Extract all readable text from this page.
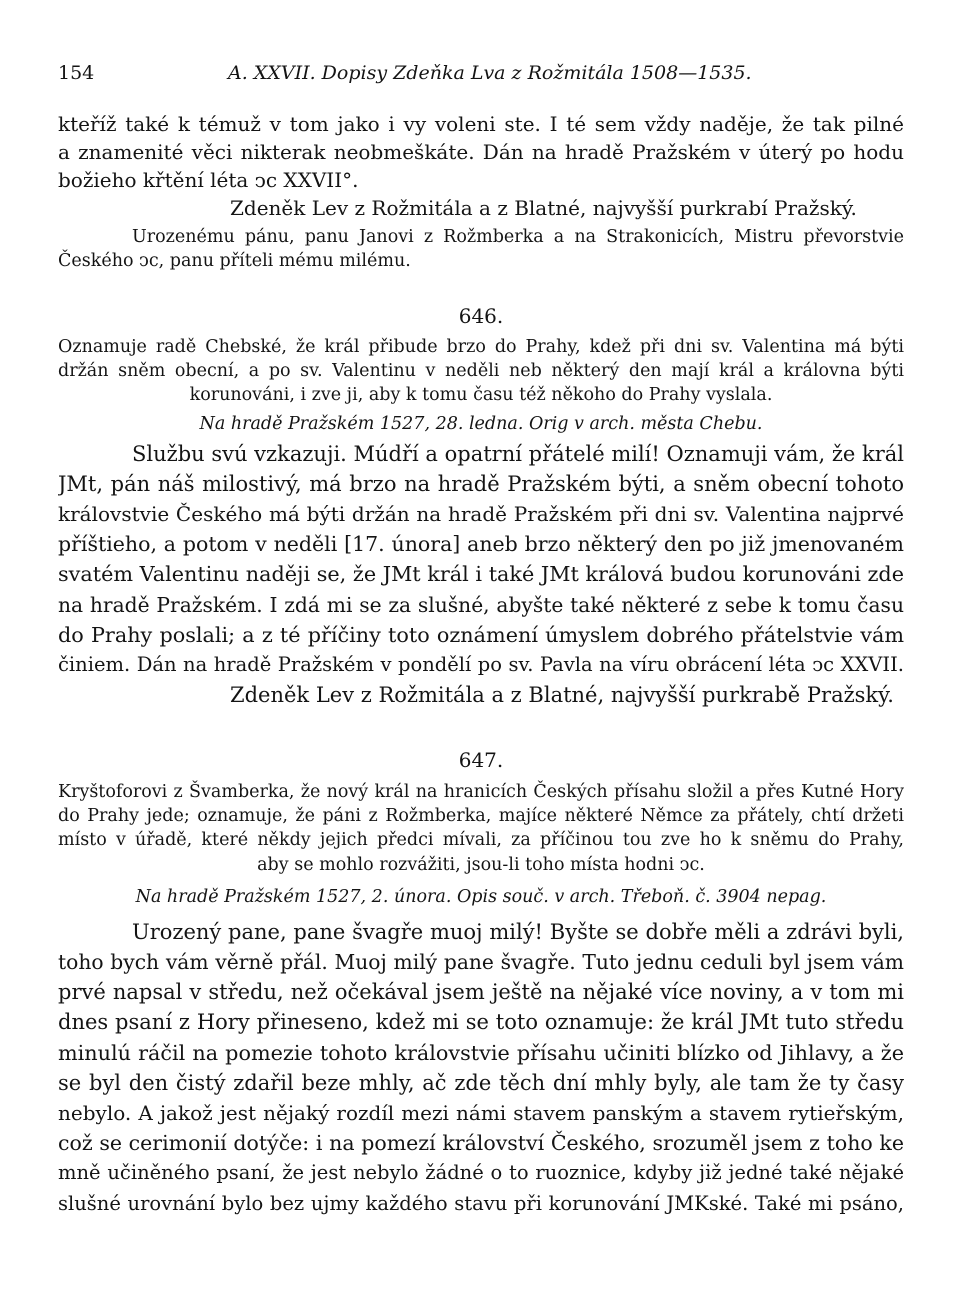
154	A. XXVII. Dopisy Zdeňka Lva z Rožmitála 1508—1535.
kteříž také k témuž v tom jako i vy voleni ste. I té sem vždy naděje, že tak pilné
a znamenité věci nikterak neobmeškáte. Dán na hradě Pražském v úterý po hodu
božieho křtění léta ↄc XXVII°.
Zdeněk Lev z Rožmitála a z Blatné, najvyšší purkrabí Pražský.
Urozenému pánu, panu Janovi z Rožmberka a na Strakonicích, Mistru převorstvie
Českého ↄc, panu příteli mému milému.
646.
Oznamuje radě Chebské, že král přibude brzo do Prahy, kdež při dni sv. Valentina má býti
držán sněm obecní, a po sv. Valentinu v neděli neb některý den mají král a královna býti
korunováni, i zve ji, aby k tomu času též někoho do Prahy vyslala.
Na hradě Pražském 1527, 28. ledna. Orig v arch. města Chebu.
Službu svú vzkazuji. Múdří a opatrní přátelé milí! Oznamuji vám, že král
JMt, pán náš milostivý, má brzo na hradě Pražském býti, a sněm obecní tohoto
královstvie Českého má býti držán na hradě Pražském při dni sv. Valentina najprvé
příštieho, a potom v neděli [17. února] aneb brzo některý den po již jmenovaném
svatém Valentinu naději se, že JMt král i také JMt králová budou korunováni zde
na hradě Pražském. I zdá mi se za slušné, abyšte také některé z sebe k tomu času
do Prahy poslali; a z té příčiny toto oznámení úmyslem dobrého přátelstvie vám
činiem. Dán na hradě Pražském v pondělí po sv. Pavla na víru obrácení léta ↄc XXVII.
Zdeněk Lev z Rožmitála a z Blatné, najvyšší purkrabě Pražský.
647.
Kryštoforovi z Švamberka, že nový král na hranicích Českých přísahu složil a přes Kutné Hory
do Prahy jede; oznamuje, že páni z Rožmberka, majíce některé Němce za přátely, chtí držeti
místo v úřadě, které někdy jejich předci mívali, za příčinou tou zve ho k sněmu do Prahy,
aby se mohlo rozvážiti, jsou-li toho místa hodni ↄc.
Na hradě Pražském 1527, 2. února. Opis souč. v arch. Třeboň. č. 3904 nepag.
Urozený pane, pane švagře muoj milý! Byšte se dobře měli a zdrávi byli,
toho bych vám věrně přál. Muoj milý pane švagře. Tuto jednu ceduli byl jsem vám
prvé napsal v středu, než očekával jsem ještě na nějaké více noviny, a v tom mi
dnes psaní z Hory přineseno, kdež mi se toto oznamuje: že král JMt tuto středu
minulú ráčil na pomezie tohoto královstvie přísahu učiniti blízko od Jihlavy, a že
se byl den čistý zdařil beze mhly, ač zde těch dní mhly byly, ale tam že ty časy
nebylo. A jakož jest nějaký rozdíl mezi námi stavem panským a stavem rytieřským,
což se cerimonií dotýče: i na pomezí království Českého, srozuměl jsem z toho ke
mně učiněného psaní, že jest nebylo žádné o to ruoznice, kdyby již jedné také nějaké
slušné urovnání bylo bez ujmy každého stavu při korunování JMKské. Také mi psáno,
